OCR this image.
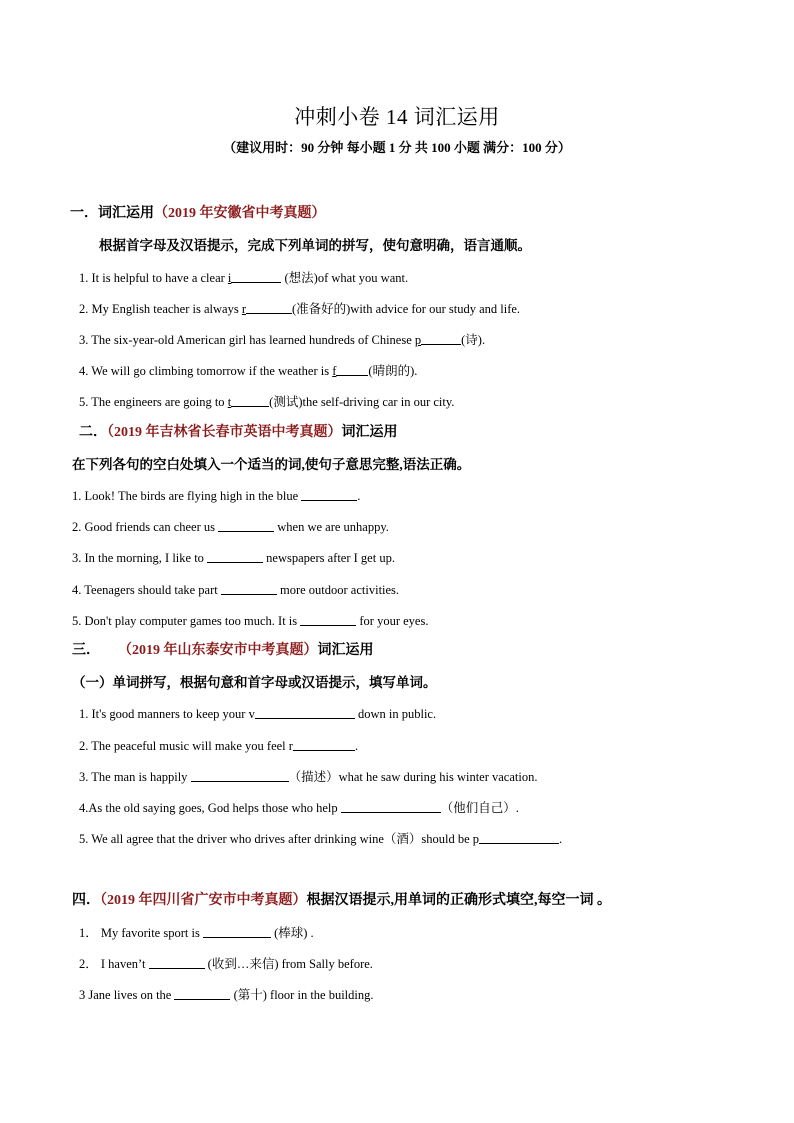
冲刺小卷 14 词汇运用
（建议用时：90 分钟 每小题 1 分 共 100 小题 满分：100 分）
一．词汇运用（2019 年安徽省中考真题）
根据首字母及汉语提示，完成下列单词的拼写，使句意明确，语言通顺。
1. It is helpful to have a clear i	(想法)of what you want.
2. My English teacher is always r	(准备好的)with advice for our study and life.
3. The six-year-old American girl has learned hundreds of Chinese p	(诗).
4. We will go climbing tomorrow if the weather is f	(晴朗的).
5. The engineers are going to t	(测试)the self-driving car in our city.
二．（2019 年吉林省长春市英语中考真题）词汇运用
在下列各句的空白处填入一个适当的词,使句子意思完整,语法正确。
1. Look! The birds are flying high in the blue	.
2. Good friends can cheer us	when we are unhappy.
3. In the morning, I like to	newspapers after I get up.
4. Teenagers should take part	more outdoor activities.
5. Don't play computer games too much. It is	for your eyes.
三． （2019 年山东泰安市中考真题）词汇运用
（一）单词拼写，根据句意和首字母或汉语提示，填写单词。
1. It's good manners to keep your v	down in public.
2. The peaceful music will make you feel r	.
3. The man is happily	（描述）what he saw during his winter vacation.
4.As the old saying goes, God helps those who help	（他们自己）.
5. We all agree that the driver who drives after drinking wine（酒）should be p	.
四．（2019 年四川省广安市中考真题）根据汉语提示,用单词的正确形式填空,每空一词 。
1． My favorite sport is	(棒球) .
2． I haven’t	(收到…来信) from Sally before.
3 Jane lives on the	(第十) floor in the building.
